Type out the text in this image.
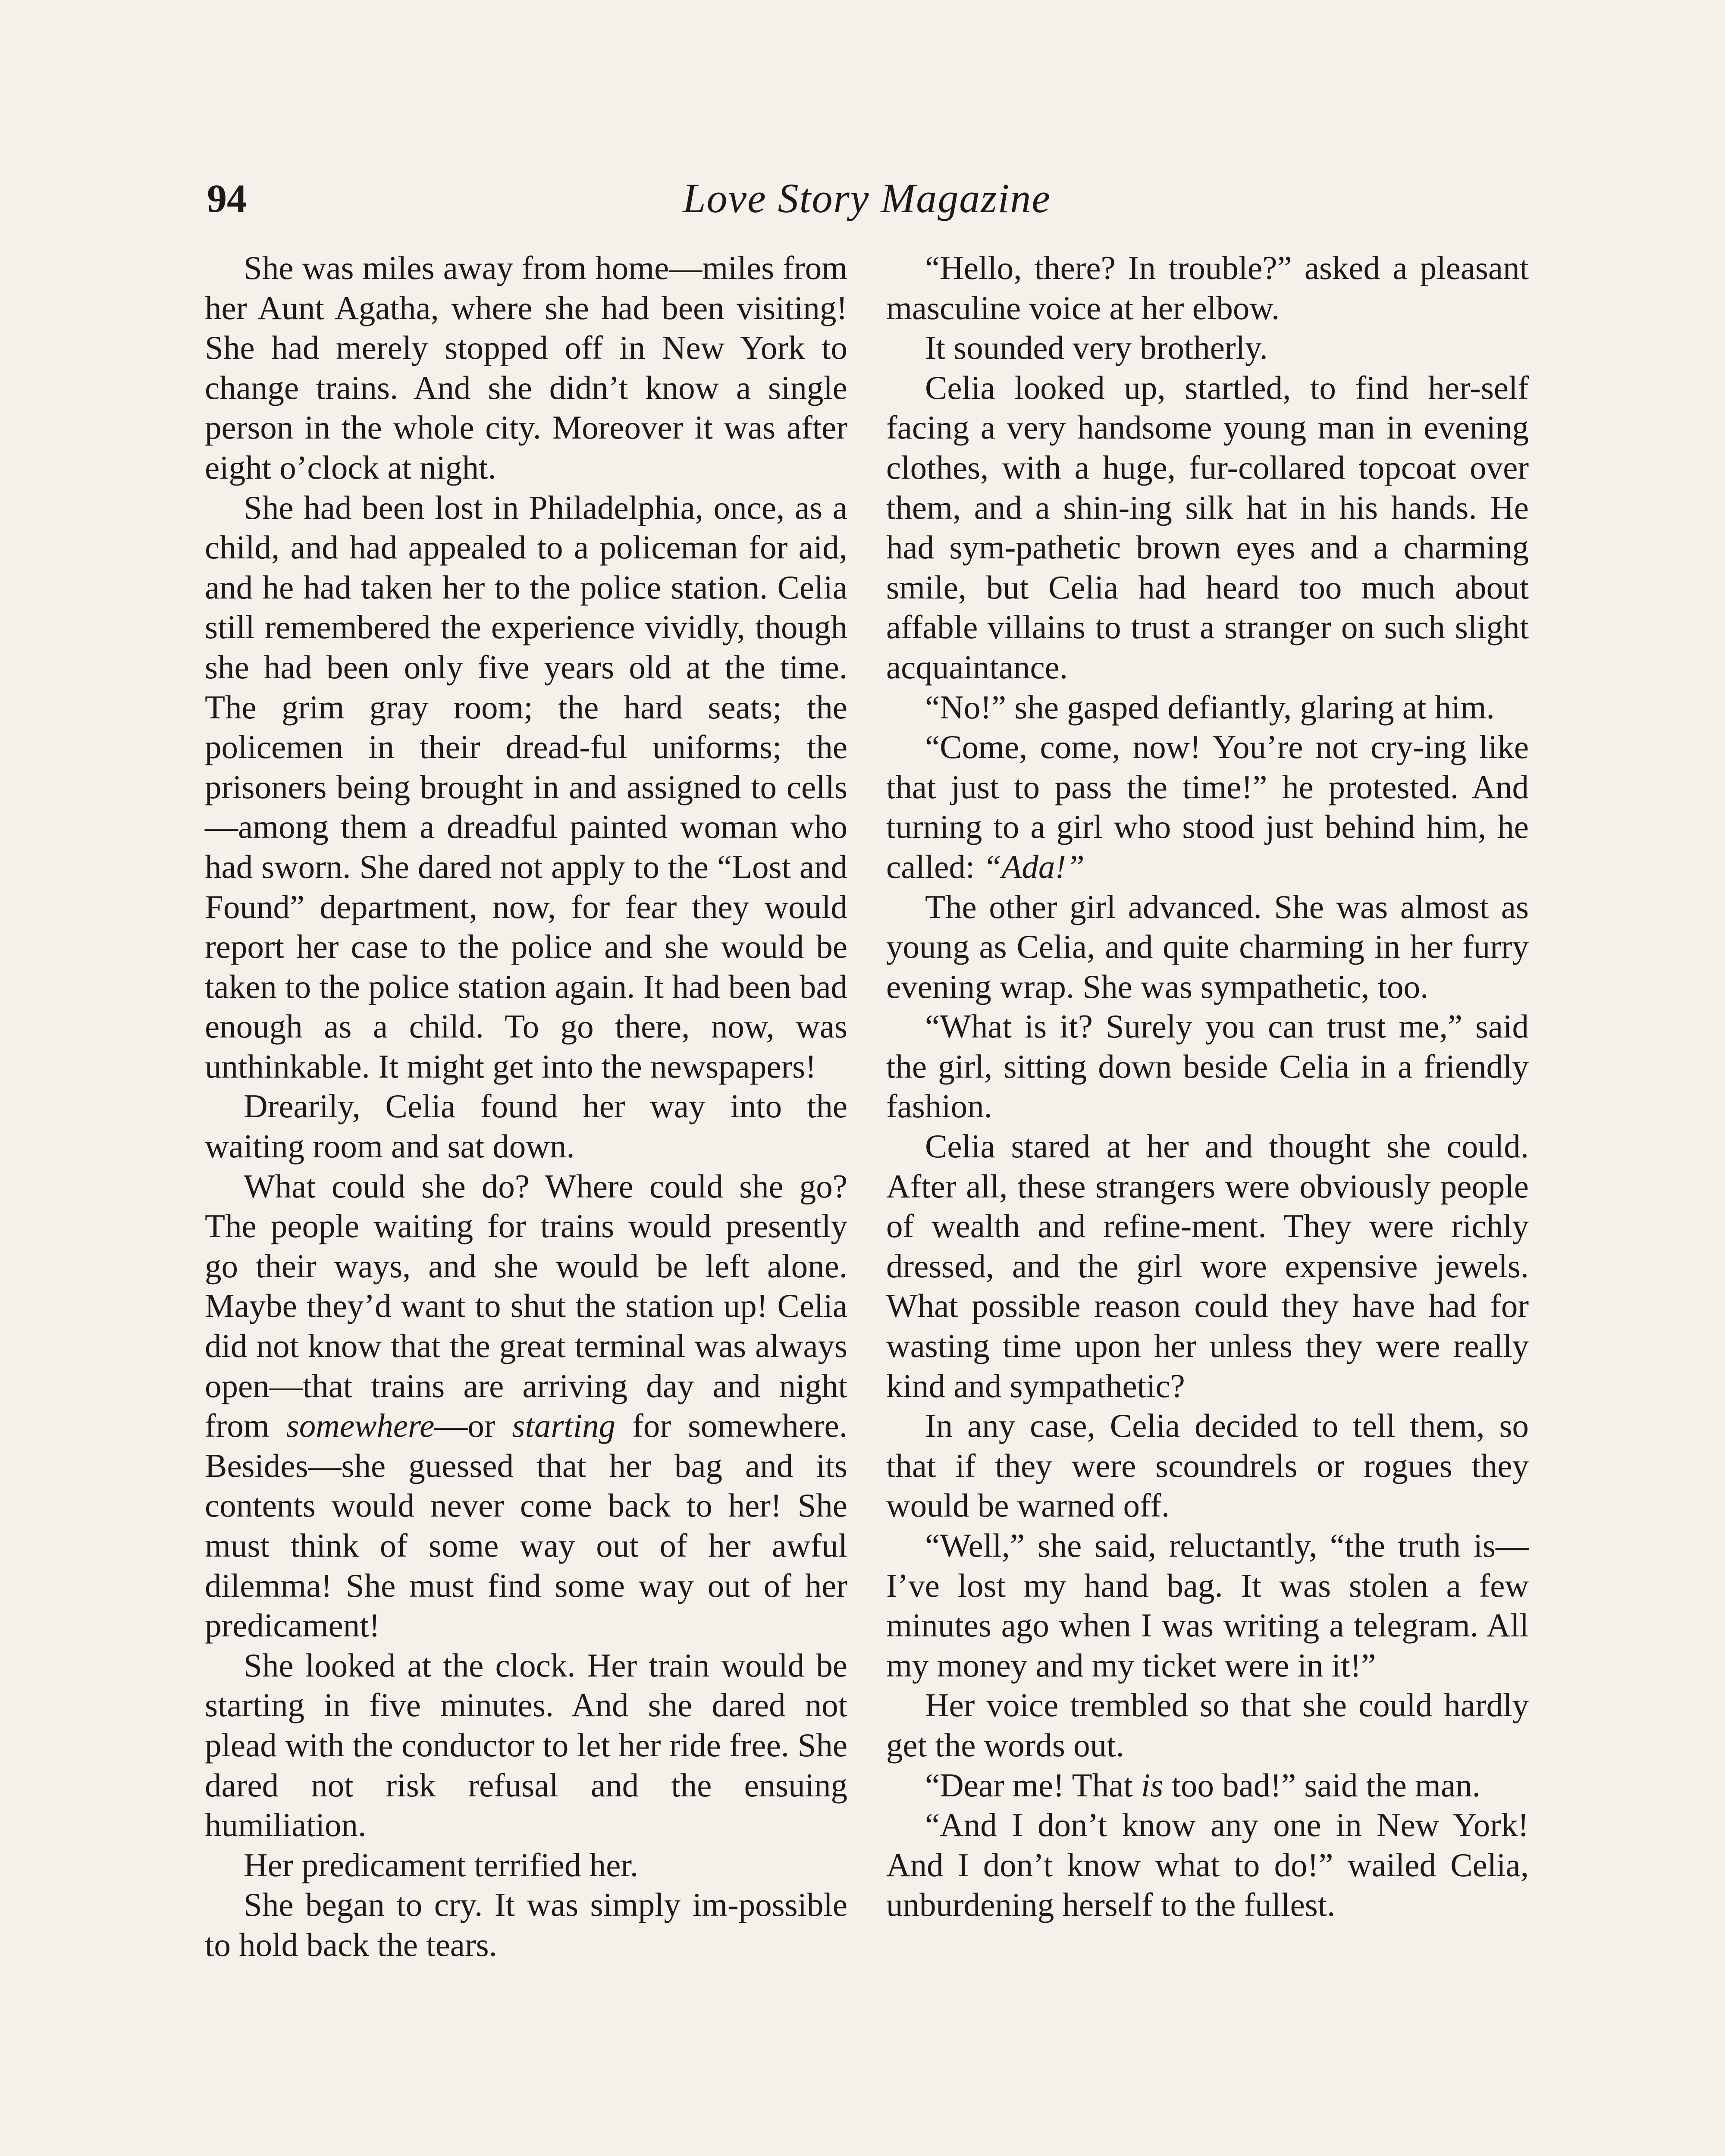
94	Love Story Magazine

She was miles away from home—miles from her Aunt Agatha, where she had been visiting! She had merely stopped off in New York to change trains. And she didn’t know a single person in the whole city. Moreover it was after eight o’clock at night.

She had been lost in Philadelphia, once, as a child, and had appealed to a policeman for aid, and he had taken her to the police station. Celia still remembered the experience vividly, though she had been only five years old at the time. The grim gray room; the hard seats; the policemen in their dread-ful uniforms; the prisoners being brought in and assigned to cells—among them a dreadful painted woman who had sworn. She dared not apply to the “Lost and Found” department, now, for fear they would report her case to the police and she would be taken to the police station again. It had been bad enough as a child. To go there, now, was unthinkable. It might get into the newspapers!

Drearily, Celia found her way into the waiting room and sat down.

What could she do? Where could she go? The people waiting for trains would presently go their ways, and she would be left alone. Maybe they’d want to shut the station up! Celia did not know that the great terminal was always open—that trains are arriving day and night from somewhere—or starting for somewhere. Besides—she guessed that her bag and its contents would never come back to her! She must think of some way out of her awful dilemma! She must find some way out of her predicament!

She looked at the clock. Her train would be starting in five minutes. And she dared not plead with the conductor to let her ride free. She dared not risk refusal and the ensuing humiliation.

Her predicament terrified her.

She began to cry. It was simply im-possible to hold back the tears.

“Hello, there? In trouble?” asked a pleasant masculine voice at her elbow.

It sounded very brotherly.

Celia looked up, startled, to find her-self facing a very handsome young man in evening clothes, with a huge, fur-collared topcoat over them, and a shin-ing silk hat in his hands. He had sym-pathetic brown eyes and a charming smile, but Celia had heard too much about affable villains to trust a stranger on such slight acquaintance.

“No!” she gasped defiantly, glaring at him.

“Come, come, now! You’re not cry-ing like that just to pass the time!” he protested. And turning to a girl who stood just behind him, he called: “Ada!”

The other girl advanced. She was almost as young as Celia, and quite charming in her furry evening wrap. She was sympathetic, too.

“What is it? Surely you can trust me,” said the girl, sitting down beside Celia in a friendly fashion.

Celia stared at her and thought she could. After all, these strangers were obviously people of wealth and refine-ment. They were richly dressed, and the girl wore expensive jewels. What possible reason could they have had for wasting time upon her unless they were really kind and sympathetic?

In any case, Celia decided to tell them, so that if they were scoundrels or rogues they would be warned off.

“Well,” she said, reluctantly, “the truth is—I’ve lost my hand bag. It was stolen a few minutes ago when I was writing a telegram. All my money and my ticket were in it!”

Her voice trembled so that she could hardly get the words out.

“Dear me! That is too bad!” said the man.

“And I don’t know any one in New York! And I don’t know what to do!” wailed Celia, unburdening herself to the fullest.
